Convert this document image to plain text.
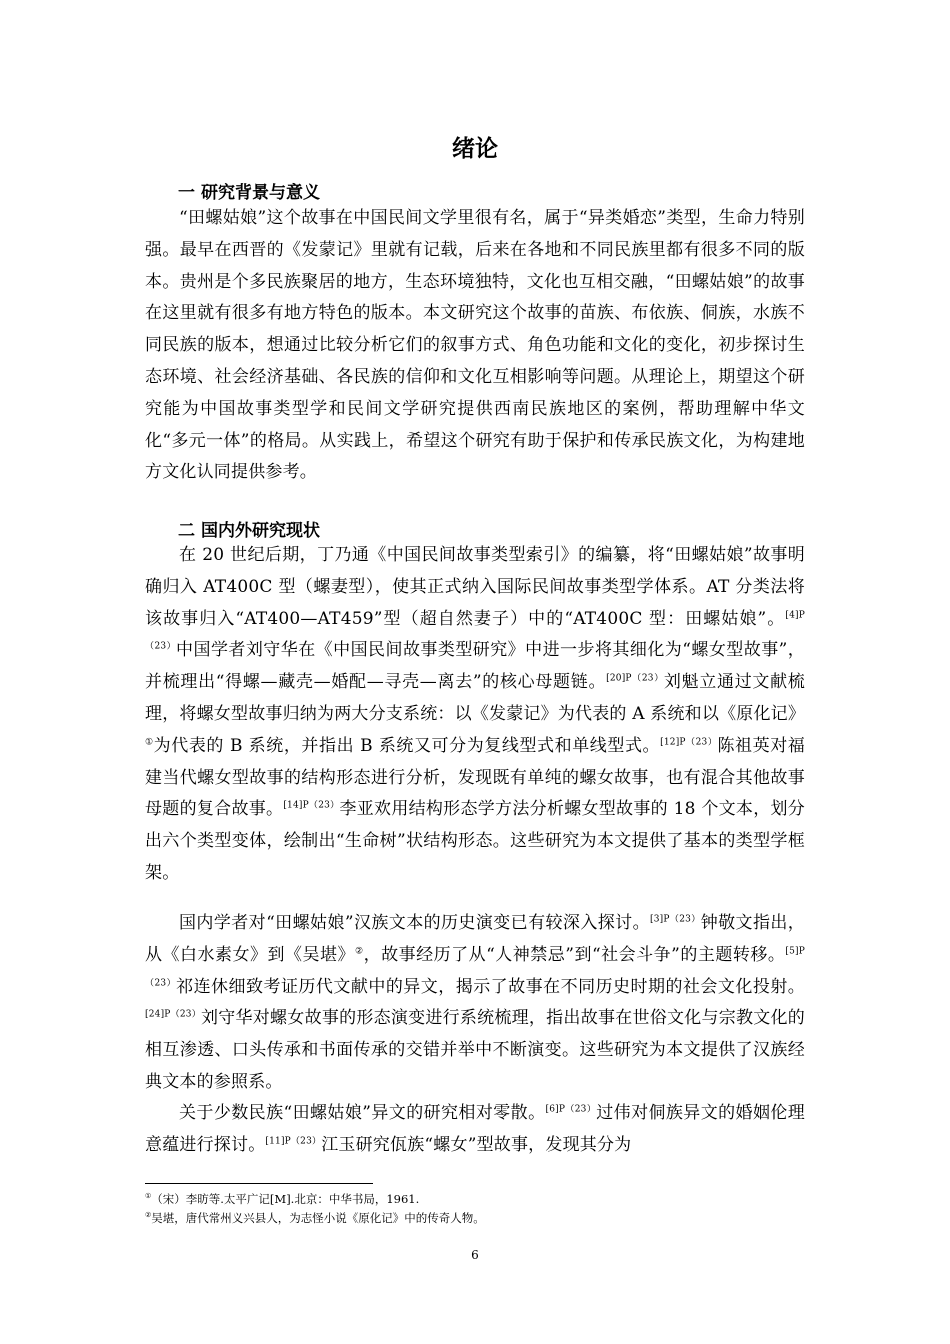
绪论
一 研究背景与意义

“田螺姑娘”这个故事在中国民间文学里很有名，属于“异类婚恋”类型，生命力特别强。最早在西晋的《发蒙记》里就有记载，后来在各地和不同民族里都有很多不同的版本。贵州是个多民族聚居的地方，生态环境独特，文化也互相交融，“田螺姑娘”的故事在这里就有很多有地方特色的版本。本文研究这个故事的苗族、布依族、侗族，水族不同民族的版本，想通过比较分析它们的叙事方式、角色功能和文化的变化，初步探讨生态环境、社会经济基础、各民族的信仰和文化互相影响等问题。从理论上，期望这个研究能为中国故事类型学和民间文学研究提供西南民族地区的案例，帮助理解中华文化“多元一体”的格局。从实践上，希望这个研究有助于保护和传承民族文化，为构建地方文化认同提供参考。

二 国内外研究现状

在 20 世纪后期，丁乃通《中国民间故事类型索引》的编纂，将“田螺姑娘”故事明确归入 AT400C 型（螺妻型），使其正式纳入国际民间故事类型学体系。AT 分类法将该故事归入“AT400—AT459”型（超自然妻子）中的“AT400C 型：田螺姑娘”。$^{[4]P(23)}$中国学者刘守华在《中国民间故事类型研究》中进一步将其细化为“螺女型故事”，并梳理出“得螺—藏壳—婚配—寻壳—离去”的核心母题链。$^{[20]P(23)}$刘魁立通过文献梳理，将螺女型故事归纳为两大分支系统：以《发蒙记》为代表的 A 系统和以《原化记》①为代表的 B 系统，并指出 B 系统又可分为复线型式和单线型式。$^{[12]P(23)}$陈祖英对福建当代螺女型故事的结构形态进行分析，发现既有单纯的螺女故事，也有混合其他故事母题的复合故事。$^{[14]P(23)}$李亚欢用结构形态学方法分析螺女型故事的 18 个文本，划分出六个类型变体，绘制出“生命树”状结构形态。这些研究为本文提供了基本的类型学框架。

国内学者对“田螺姑娘”汉族文本的历史演变已有较深入探讨。$^{[3]P(23)}$钟敬文指出，从《白水素女》到《吴堪》②，故事经历了从“人神禁忌”到“社会斗争”的主题转移。$^{[5]P(23)}$祁连休细致考证历代文献中的异文，揭示了故事在不同历史时期的社会文化投射。$^{[24]P(23)}$刘守华对螺女故事的形态演变进行系统梳理，指出故事在世俗文化与宗教文化的相互渗透、口头传承和书面传承的交错并举中不断演变。这些研究为本文提供了汉族经典文本的参照系。

关于少数民族“田螺姑娘”异文的研究相对零散。$^{[6]P(23)}$过伟对侗族异文的婚姻伦理意蕴进行探讨。$^{[11]P(23)}$江玉研究佤族“螺女”型故事，发现其分为

①（宋）李昉等.太平广记[M].北京：中华书局，1961.
②吴堪，唐代常州义兴县人，为志怪小说《原化记》中的传奇人物。
6
